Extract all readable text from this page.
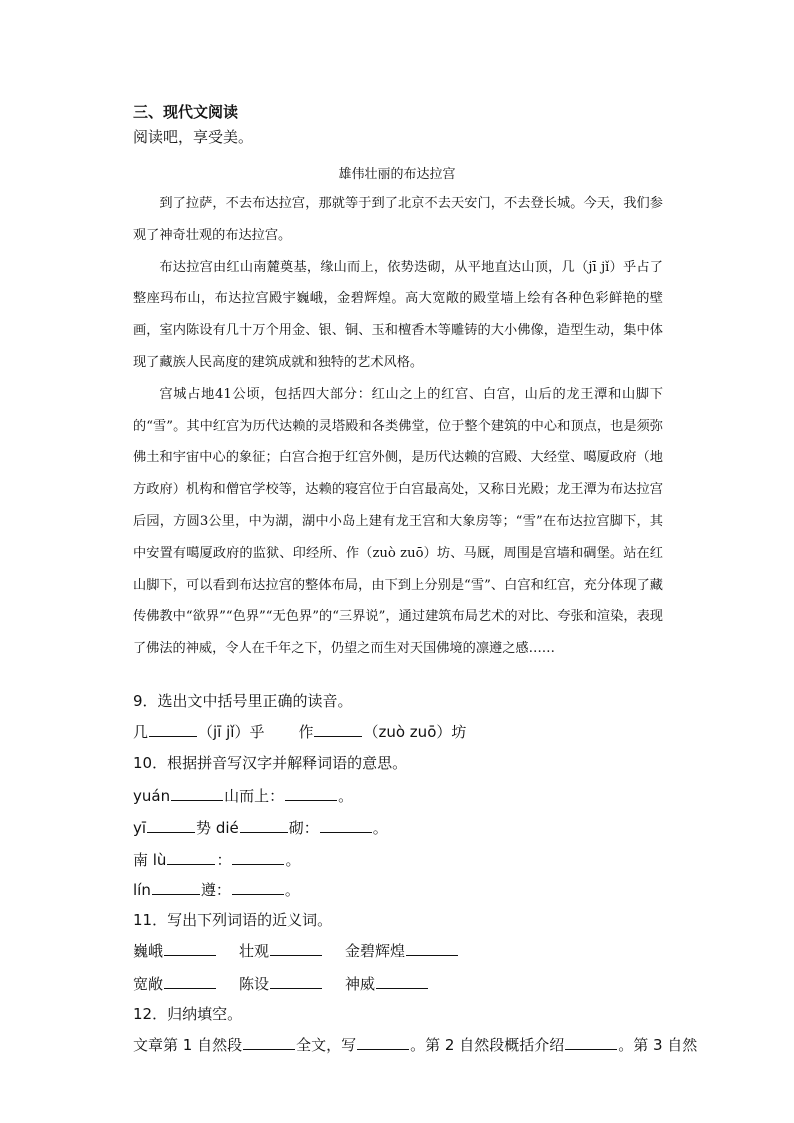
三、现代文阅读
阅读吧，享受美。
雄伟壮丽的布达拉宫

到了拉萨，不去布达拉宫，那就等于到了北京不去天安门，不去登长城。今天，我们参观了神奇壮观的布达拉宫。

布达拉宫由红山南麓奠基，缘山而上，依势迭砌，从平地直达山顶，几（jī jǐ）乎占了整座玛布山，布达拉宫殿宇巍峨，金碧辉煌。高大宽敞的殿堂墙上绘有各种色彩鲜艳的壁画，室内陈设有几十万个用金、银、铜、玉和檀香木等雕铸的大小佛像，造型生动，集中体现了藏族人民高度的建筑成就和独特的艺术风格。

宫城占地41公顷，包括四大部分：红山之上的红宫、白宫，山后的龙王潭和山脚下的“雪”。其中红宫为历代达赖的灵塔殿和各类佛堂，位于整个建筑的中心和顶点，也是须弥佛土和宇宙中心的象征；白宫合抱于红宫外侧，是历代达赖的宫殿、大经堂、噶厦政府（地方政府）机构和僧官学校等，达赖的寝宫位于白宫最高处，又称日光殿；龙王潭为布达拉宫后园，方圆3公里，中为湖，湖中小岛上建有龙王宫和大象房等；“雪”在布达拉宫脚下，其中安置有噶厦政府的监狱、印经所、作（zuò zuō）坊、马厩，周围是宫墙和碉堡。站在红山脚下，可以看到布达拉宫的整体布局，由下到上分别是“雪”、白宫和红宫，充分体现了藏传佛教中“欲界”“色界”“无色界”的“三界说”，通过建筑布局艺术的对比、夸张和渲染，表现了佛法的神威，令人在千年之下，仍望之而生对天国佛境的凛遵之感……

9．选出文中括号里正确的读音。
几	（jī jǐ）乎 作	（zuò zuō）坊
10．根据拼音写汉字并解释词语的意思。
yuán	山而上：	。
yī	势 dié	砌：	。
南 lù	：	。
lín	遵：	。
11．写出下列词语的近义词。
巍峨	壮观	金碧辉煌
宽敞	陈设	神威
12．归纳填空。
文章第 1 自然段	全文，写	。第 2 自然段概括介绍	。第 3 自然
